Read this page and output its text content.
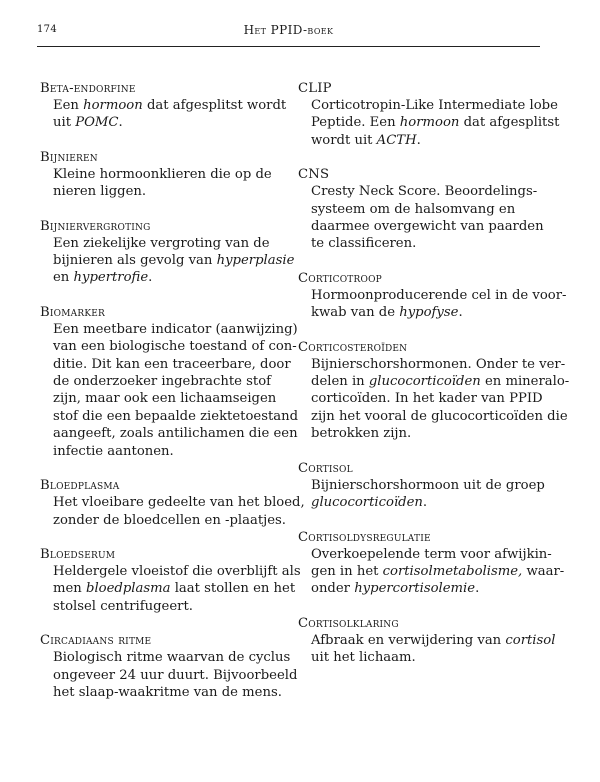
174	Het PPID-boek
Beta-endorfine
Een hormoon dat afgesplitst wordt
uit POMC.
Bijnieren
Kleine hormoonklieren die op de
nieren liggen.
Bijniervergroting
Een ziekelijke vergroting van de
bijnieren als gevolg van hyperplasie
en hypertrofie.
Biomarker
Een meetbare indicator (aanwijzing)
van een biologische toestand of con-
ditie. Dit kan een traceerbare, door
de onderzoeker ingebrachte stof
zijn, maar ook een lichaamseigen
stof die een bepaalde ziektetoestand
aangeeft, zoals antilichamen die een
infectie aantonen.
Bloedplasma
Het vloeibare gedeelte van het bloed,
zonder de bloedcellen en -plaatjes.
Bloedserum
Heldergele vloeistof die overblijft als
men bloedplasma laat stollen en het
stolsel centrifugeert.
Circadiaans ritme
Biologisch ritme waarvan de cyclus
ongeveer 24 uur duurt. Bijvoorbeeld
het slaap-waakritme van de mens.
CLIP
Corticotropin-Like Intermediate lobe
Peptide. Een hormoon dat afgesplitst
wordt uit ACTH.
CNS
Cresty Neck Score. Beoordelings-
systeem om de halsomvang en
daarmee overgewicht van paarden
te classificeren.
Corticotroop
Hormoonproducerende cel in de voor-
kwab van de hypofyse.
Corticosteroïden
Bijnierschorshormonen. Onder te ver-
delen in glucocorticoïden en mineralo-
corticoïden. In het kader van PPID
zijn het vooral de glucocorticoïden die
betrokken zijn.
Cortisol
Bijnierschorshormoon uit de groep
glucocorticoïden.
Cortisoldysregulatie
Overkoepelende term voor afwijkin-
gen in het cortisolmetabolisme, waar-
onder hypercortisolemie.
Cortisolklaring
Afbraak en verwijdering van cortisol
uit het lichaam.
